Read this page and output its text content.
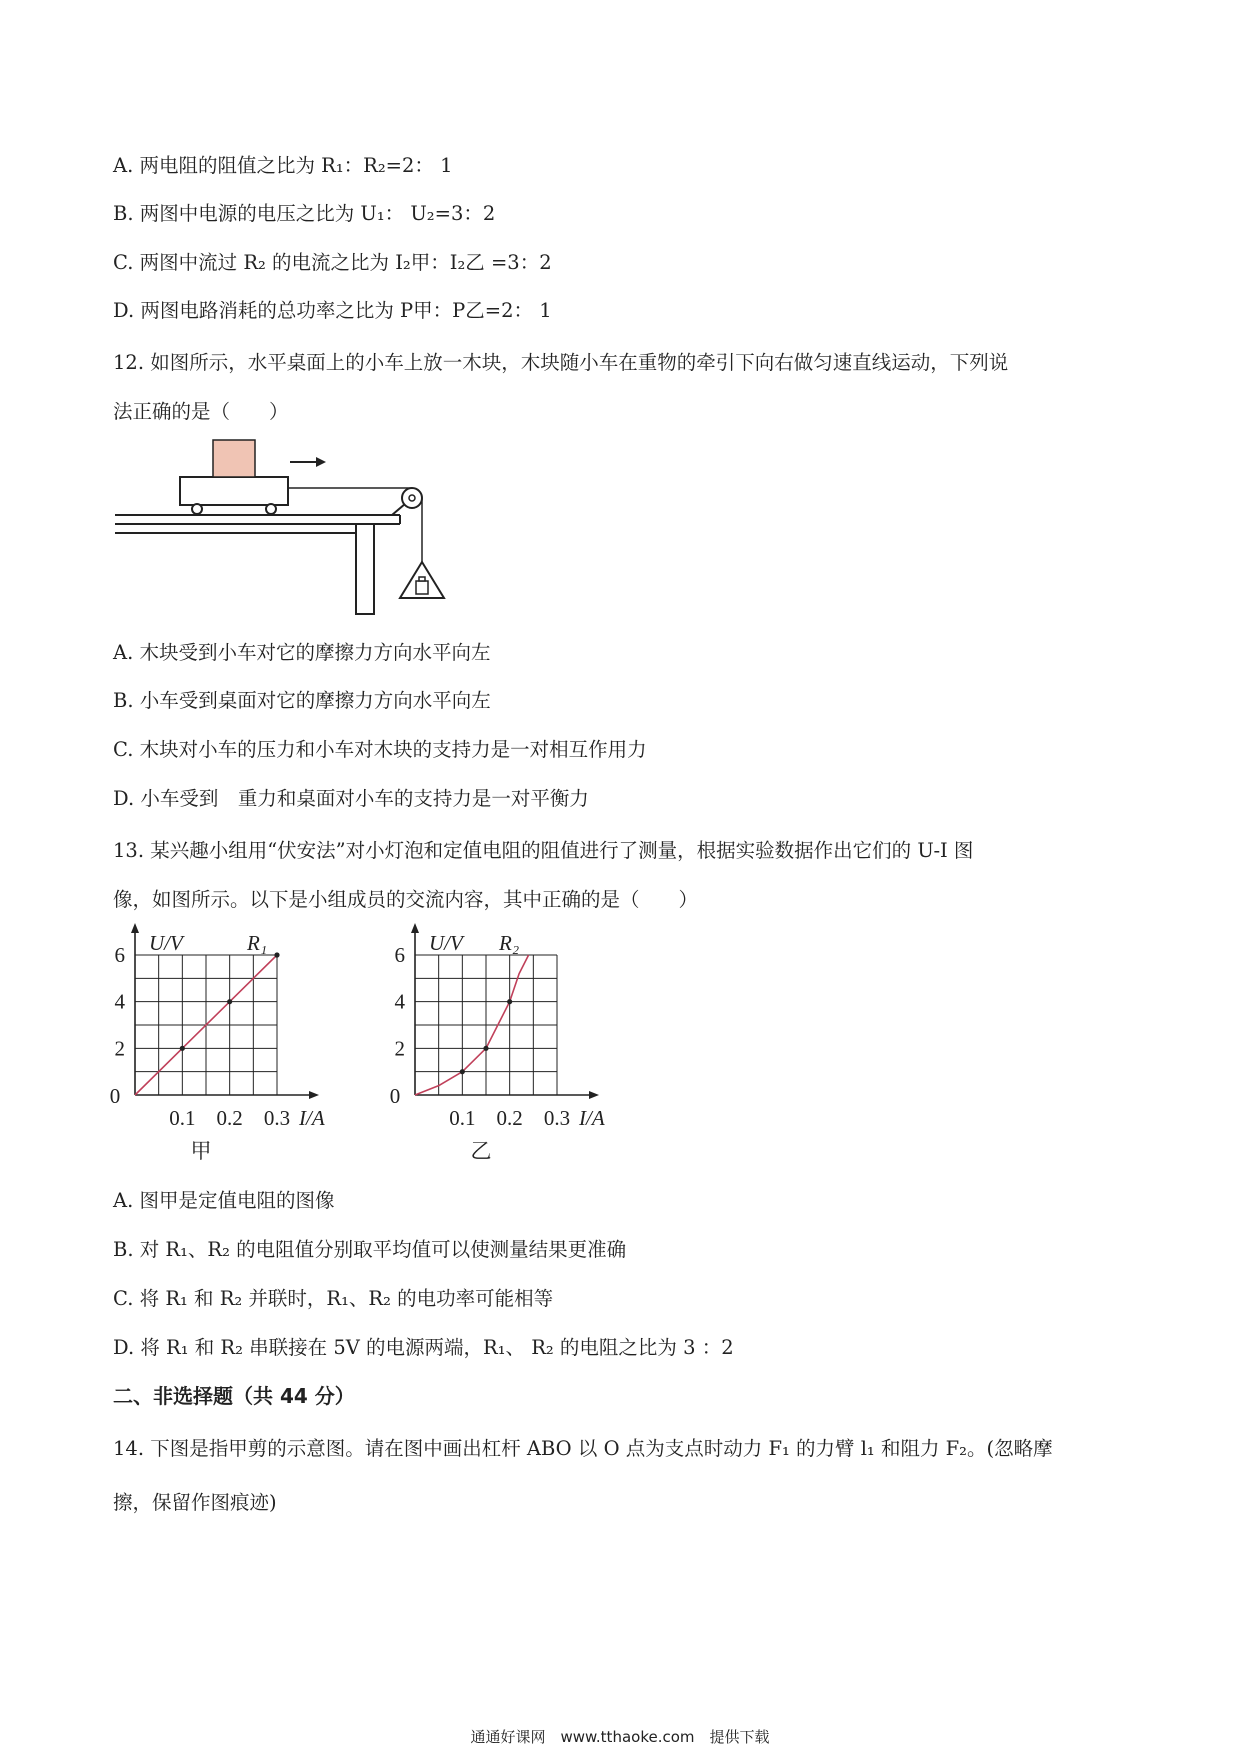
A. 两电阻的阻值之比为 R₁：R₂=2： 1
B. 两图中电源的电压之比为 U₁： U₂=3：2
C. 两图中流过 R₂ 的电流之比为 I₂甲：I₂乙 =3：2
D. 两图电路消耗的总功率之比为 P甲：P乙=2： 1
12. 如图所示，水平桌面上的小车上放一木块，木块随小车在重物的牵引下向右做匀速直线运动，下列说
法正确的是（　　）
A. 木块受到小车对它的摩擦力方向水平向左
B. 小车受到桌面对它的摩擦力方向水平向左
C. 木块对小车的压力和小车对木块的支持力是一对相互作用力
D. 小车受到　重力和桌面对小车的支持力是一对平衡力
13. 某兴趣小组用“伏安法”对小灯泡和定值电阻的阻值进行了测量，根据实验数据作出它们的 U-I 图
像，如图所示。以下是小组成员的交流内容，其中正确的是（　　）
2
4
6
0.1 0.2 0.3
0
U/V
I/A
R₁
甲
2
4
6
0.1 0.2 0.3
0
U/V
I/A
R₂
乙
A. 图甲是定值电阻的图像
B. 对 R₁、R₂ 的电阻值分别取平均值可以使测量结果更准确
C. 将 R₁ 和 R₂ 并联时，R₁、R₂ 的电功率可能相等
D. 将 R₁ 和 R₂ 串联接在 5V 的电源两端，R₁、 R₂ 的电阻之比为 3 ：2
二、非选择题（共 44 分）
14. 下图是指甲剪的示意图。请在图中画出杠杆 ABO 以 O 点为支点时动力 F₁ 的力臂 l₁ 和阻力 F₂。(忽略摩
擦，保留作图痕迹)
通通好课网　www.tthaoke.com　提供下载
